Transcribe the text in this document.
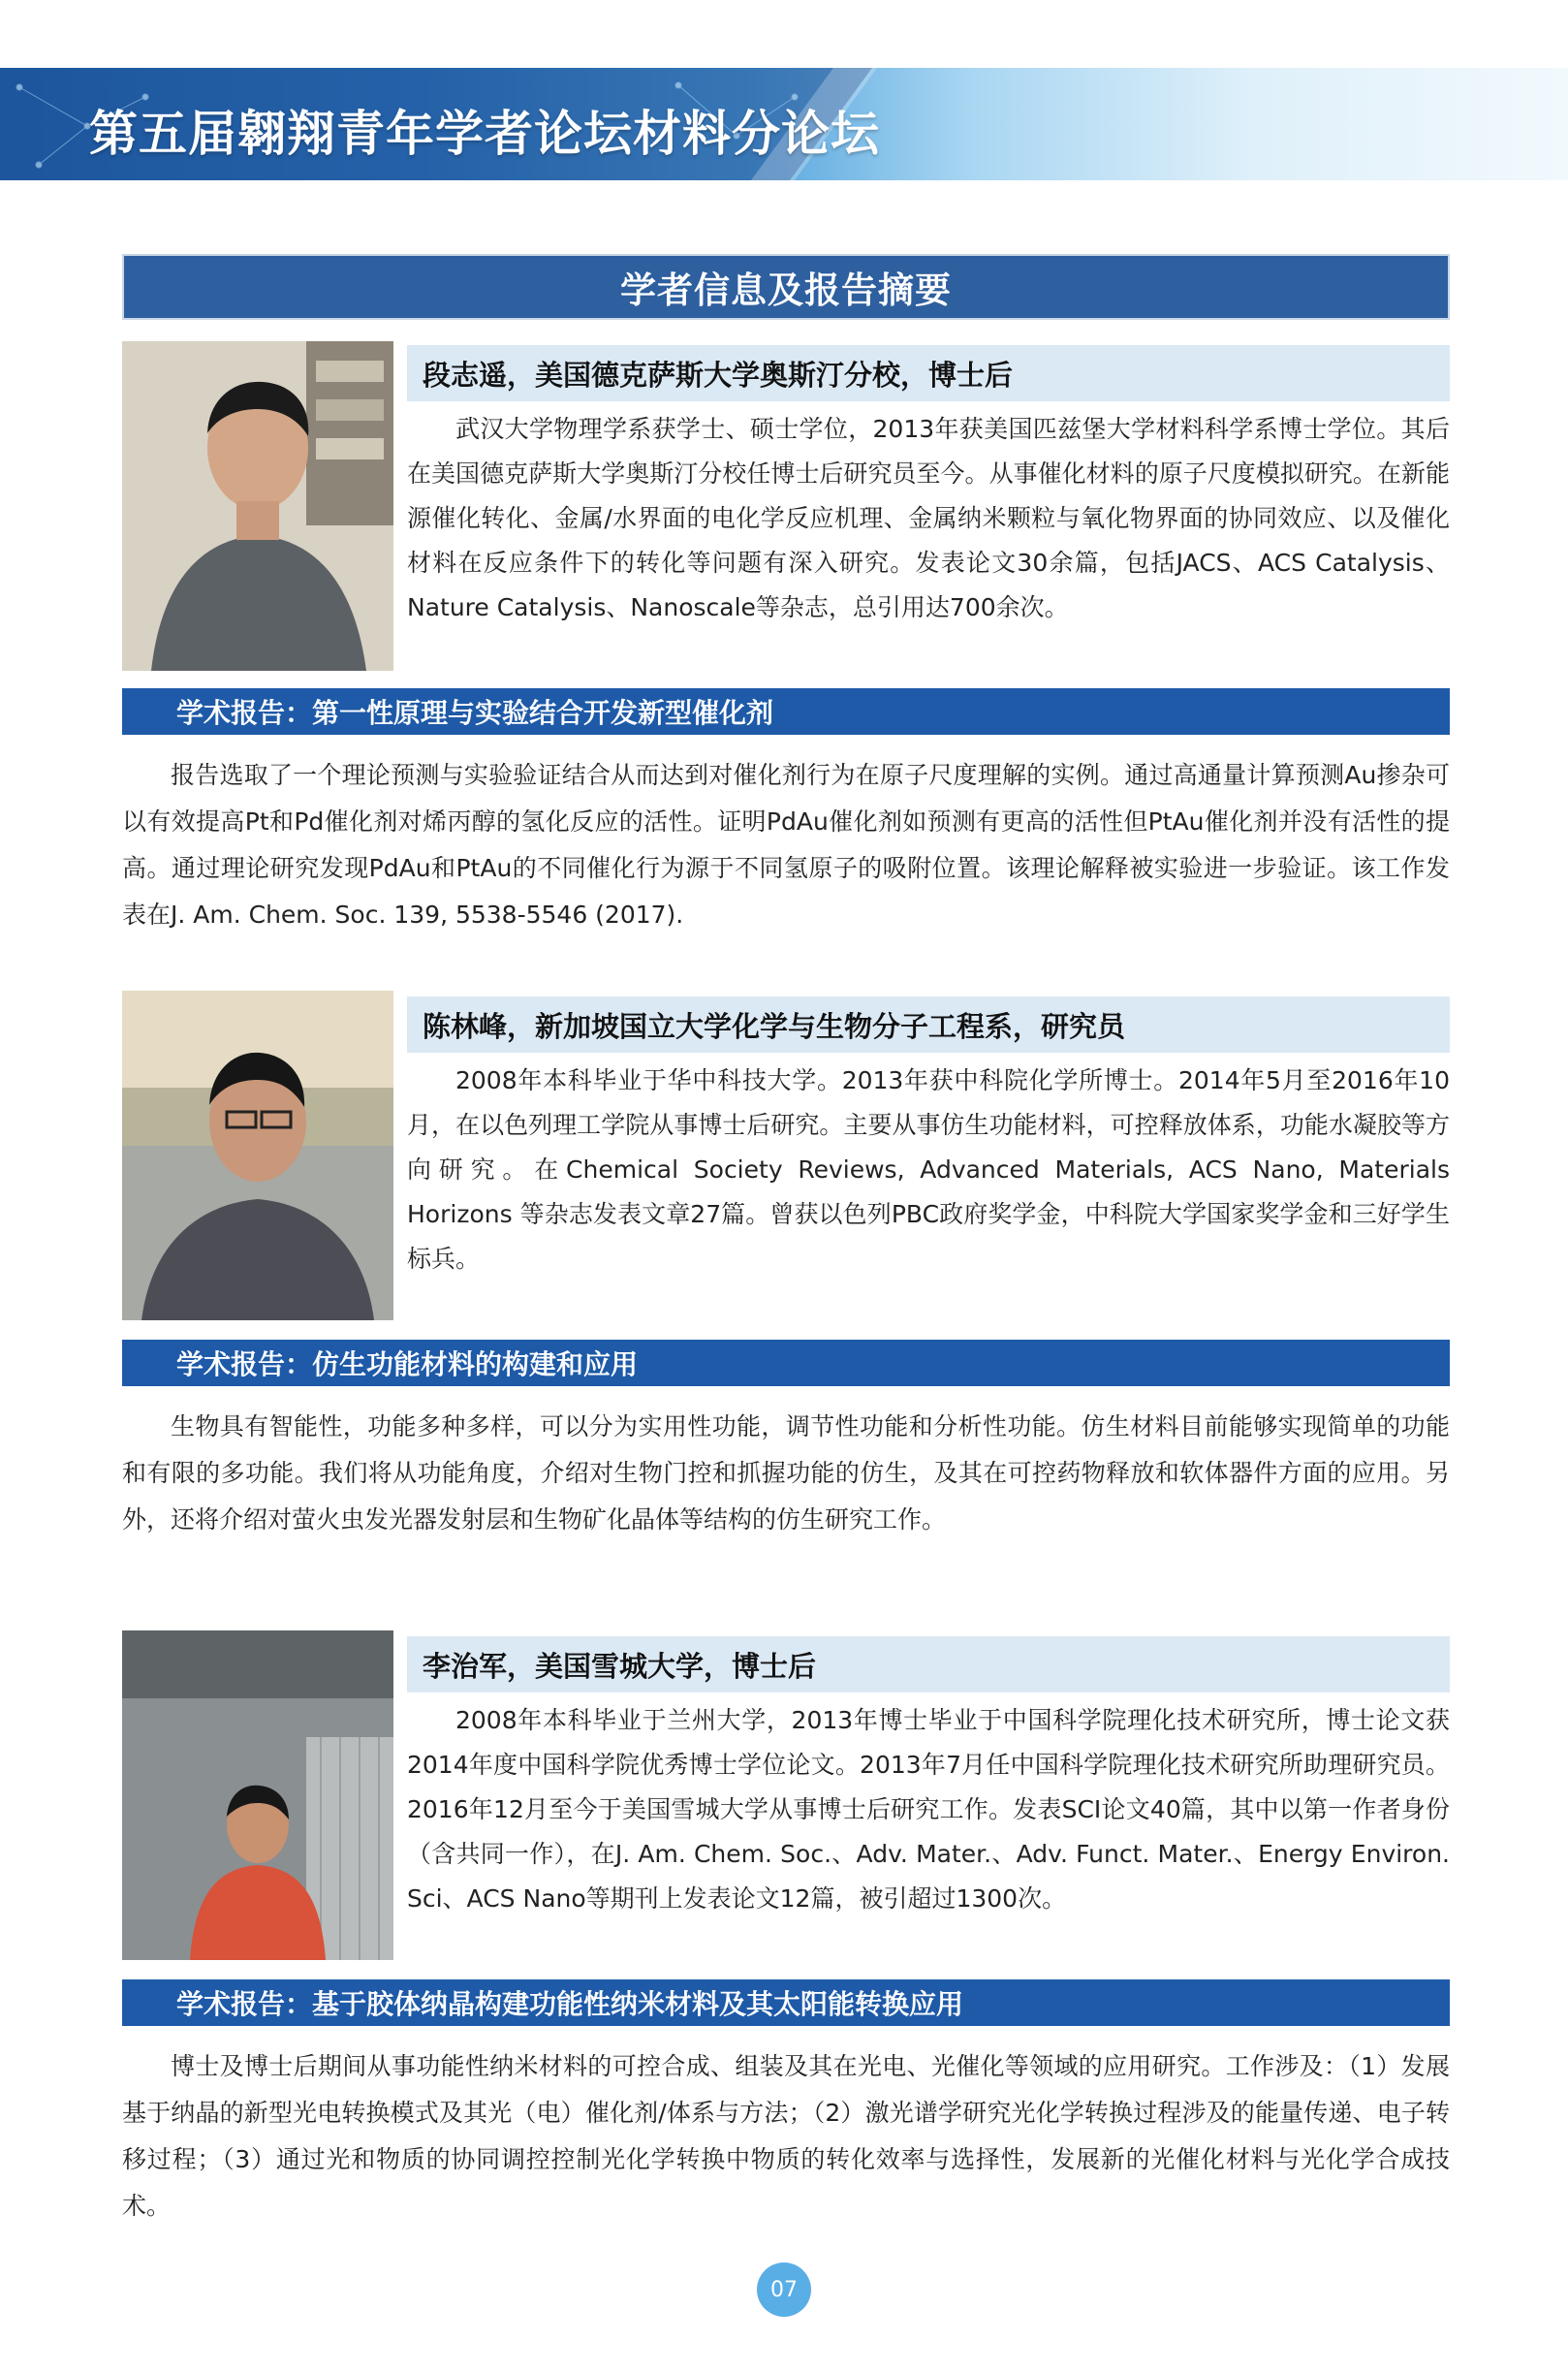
第五届翱翔青年学者论坛材料分论坛
学者信息及报告摘要
段志遥，美国德克萨斯大学奥斯汀分校，博士后

武汉大学物理学系获学士、硕士学位，2013年获美国匹兹堡大学材料科学系博士学位。其后在美国德克萨斯大学奥斯汀分校任博士后研究员至今。从事催化材料的原子尺度模拟研究。在新能源催化转化、金属/水界面的电化学反应机理、金属纳米颗粒与氧化物界面的协同效应、以及催化材料在反应条件下的转化等问题有深入研究。发表论文30余篇，包括JACS、ACS Catalysis、Nature Catalysis、Nanoscale等杂志，总引用达700余次。

学术报告：第一性原理与实验结合开发新型催化剂

报告选取了一个理论预测与实验验证结合从而达到对催化剂行为在原子尺度理解的实例。通过高通量计算预测Au掺杂可以有效提高Pt和Pd催化剂对烯丙醇的氢化反应的活性。证明PdAu催化剂如预测有更高的活性但PtAu催化剂并没有活性的提高。通过理论研究发现PdAu和PtAu的不同催化行为源于不同氢原子的吸附位置。该理论解释被实验进一步验证。该工作发表在J. Am. Chem. Soc. 139, 5538-5546 (2017).

陈林峰，新加坡国立大学化学与生物分子工程系，研究员

2008年本科毕业于华中科技大学。2013年获中科院化学所博士。2014年5月至2016年10月，在以色列理工学院从事博士后研究。主要从事仿生功能材料，可控释放体系，功能水凝胶等方向研究。在Chemical Society Reviews, Advanced Materials, ACS Nano, Materials Horizons 等杂志发表文章27篇。曾获以色列PBC政府奖学金，中科院大学国家奖学金和三好学生标兵。

学术报告：仿生功能材料的构建和应用

生物具有智能性，功能多种多样，可以分为实用性功能，调节性功能和分析性功能。仿生材料目前能够实现简单的功能和有限的多功能。我们将从功能角度，介绍对生物门控和抓握功能的仿生，及其在可控药物释放和软体器件方面的应用。另外，还将介绍对萤火虫发光器发射层和生物矿化晶体等结构的仿生研究工作。

李治军，美国雪城大学，博士后

2008年本科毕业于兰州大学，2013年博士毕业于中国科学院理化技术研究所，博士论文获2014年度中国科学院优秀博士学位论文。2013年7月任中国科学院理化技术研究所助理研究员。2016年12月至今于美国雪城大学从事博士后研究工作。发表SCI论文40篇，其中以第一作者身份（含共同一作），在J. Am. Chem. Soc.、Adv. Mater.、Adv. Funct. Mater.、Energy Environ. Sci、ACS Nano等期刊上发表论文12篇，被引超过1300次。

学术报告：基于胶体纳晶构建功能性纳米材料及其太阳能转换应用

博士及博士后期间从事功能性纳米材料的可控合成、组装及其在光电、光催化等领域的应用研究。工作涉及：（1）发展基于纳晶的新型光电转换模式及其光（电）催化剂/体系与方法；（2）激光谱学研究光化学转换过程涉及的能量传递、电子转移过程；（3）通过光和物质的协同调控控制光化学转换中物质的转化效率与选择性，发展新的光催化材料与光化学合成技术。

07
